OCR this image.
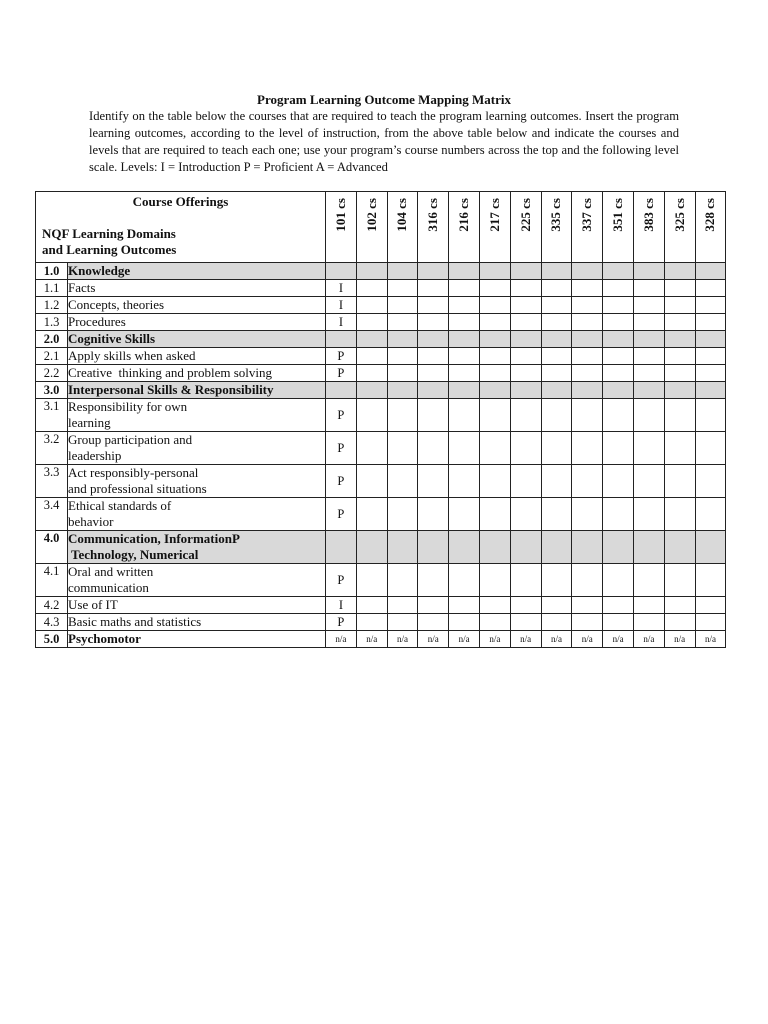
Program Learning Outcome Mapping Matrix
Identify on the table below the courses that are required to teach the program learning outcomes. Insert the program learning outcomes, according to the level of instruction, from the above table below and indicate the courses and levels that are required to teach each one; use your program’s course numbers across the top and the following level scale. Levels: I = Introduction P = Proficient A = Advanced
Course Offerings
NQF Learning Domains
and Learning Outcomes		101 cs	102 cs	104 cs	316 cs	216 cs	217 cs	225 cs	335 cs	337 cs	351 cs	383 cs	325 cs	328 cs

1.0	Knowledge													
1.1	Facts	I												
1.2	Concepts, theories	I												
1.3	Procedures	I												
2.0	Cognitive Skills													
2.1	Apply skills when asked	P												
2.2	Creative  thinking and problem solving	P												
3.0	Interpersonal Skills & Responsibility													
3.1	Responsibility for own
learning	P												
3.2	Group participation and
leadership	P												
3.3	Act responsibly-personal
and professional situations	P												
3.4	Ethical standards of
behavior	P												
4.0	Communication, InformationP
Technology, Numerical													

4.1	Oral and written
communication	P												
4.2	Use of IT	I												
4.3	Basic maths and statistics	P												
5.0	Psychomotor	n/a	n/a	n/a	n/a	n/a	n/a	n/a	n/a	n/a	n/a	n/a	n/a	n/a
